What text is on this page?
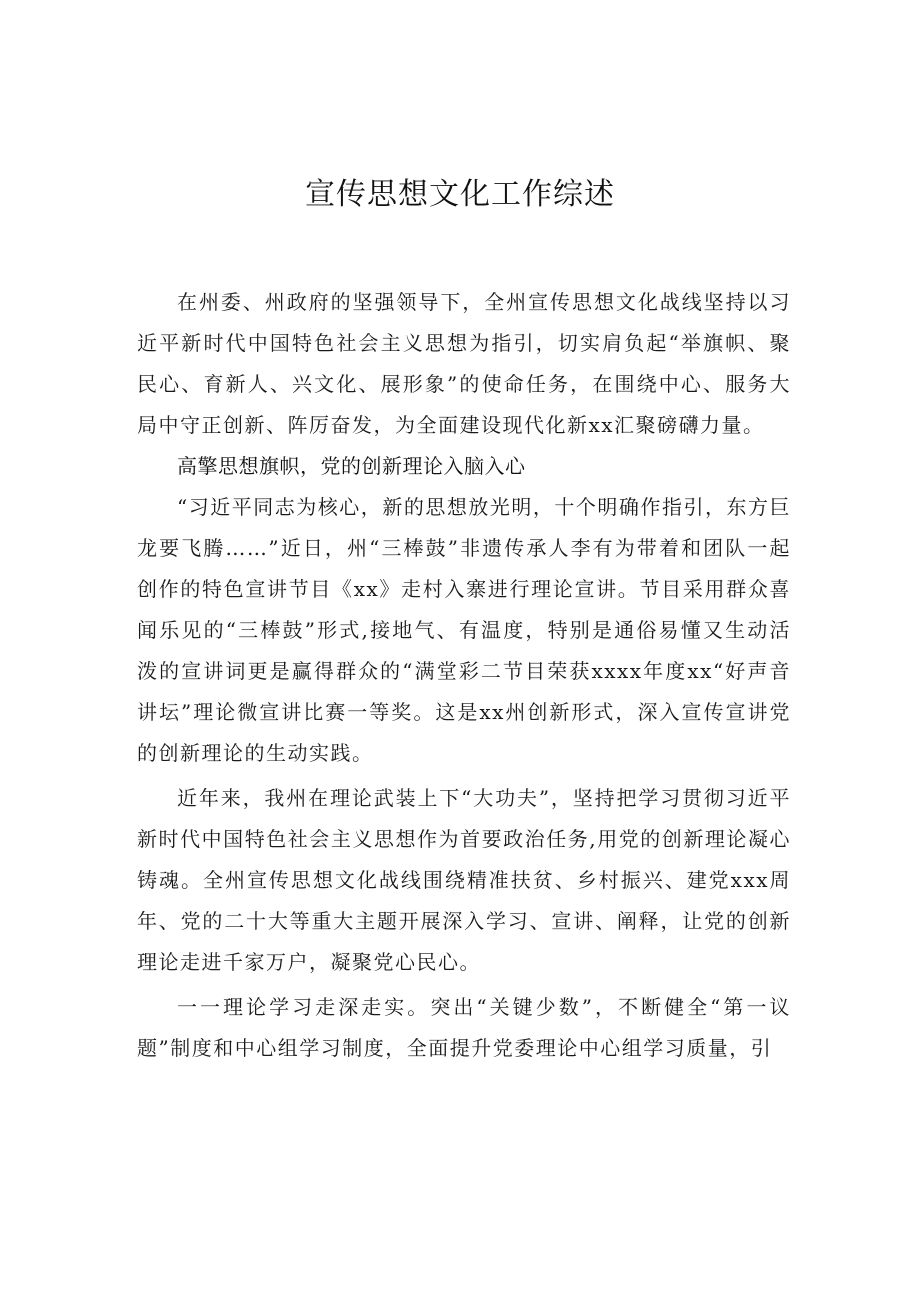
宣传思想文化工作综述

在州委、州政府的坚强领导下，全州宣传思想文化战线坚持以习近平新时代中国特色社会主义思想为指引，切实肩负起“举旗帜、聚民心、育新人、兴文化、展形象”的使命任务，在围绕中心、服务大局中守正创新、阵厉奋发，为全面建设现代化新xx汇聚磅礴力量。

高擎思想旗帜，党的创新理论入脑入心

“习近平同志为核心，新的思想放光明，十个明确作指引，东方巨龙要飞腾……”近日，州“三棒鼓”非遗传承人李有为带着和团队一起创作的特色宣讲节目《xx》走村入寨进行理论宣讲。节目采用群众喜闻乐见的“三棒鼓”形式,接地气、有温度，特别是通俗易懂又生动活泼的宣讲词更是赢得群众的“满堂彩二节目荣获xxxx年度xx“好声音讲坛”理论微宣讲比赛一等奖。这是xx州创新形式，深入宣传宣讲党的创新理论的生动实践。

近年来，我州在理论武装上下“大功夫”，坚持把学习贯彻习近平新时代中国特色社会主义思想作为首要政治任务,用党的创新理论凝心铸魂。全州宣传思想文化战线围绕精准扶贫、乡村振兴、建党xxx周年、党的二十大等重大主题开展深入学习、宣讲、阐释，让党的创新理论走进千家万户，凝聚党心民心。

一一理论学习走深走实。突出“关键少数”，不断健全“第一议题”制度和中心组学习制度，全面提升党委理论中心组学习质量，引
